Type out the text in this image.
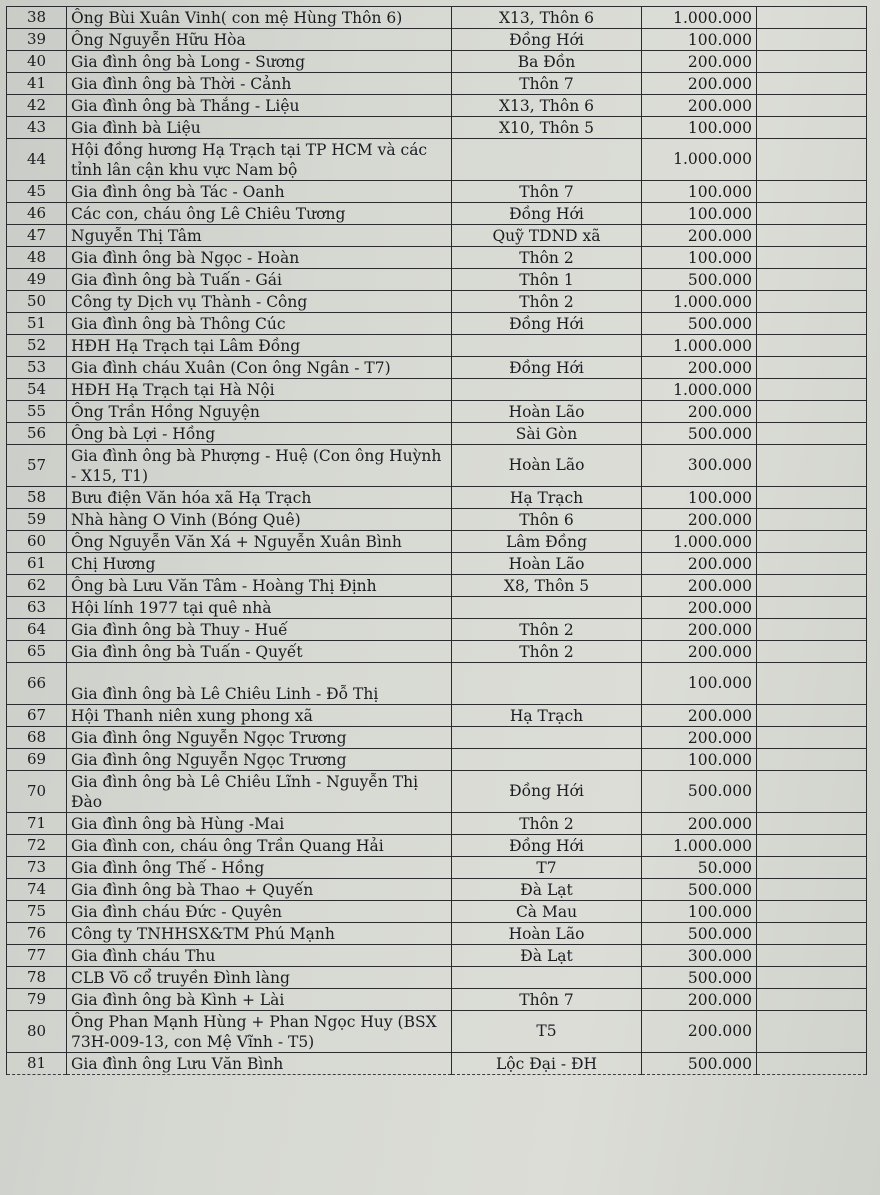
38	Ông Bùi Xuân Vinh( con mệ Hùng Thôn 6)	X13, Thôn 6	1.000.000	
39	Ông Nguyễn Hữu Hòa	Đồng Hới	100.000	
40	Gia đình ông bà Long - Sương	Ba Đồn	200.000	
41	Gia đình ông bà Thời - Cảnh	Thôn 7	200.000	
42	Gia đình ông bà Thắng - Liệu	X13, Thôn 6	200.000	
43	Gia đình bà Liệu	X10, Thôn 5	100.000	
44	Hội đồng hương Hạ Trạch tại TP HCM và các tỉnh lân cận khu vực Nam bộ		1.000.000	
45	Gia đình ông bà Tác - Oanh	Thôn 7	100.000	
46	Các con, cháu ông Lê Chiêu Tương	Đồng Hới	100.000	
47	Nguyễn Thị Tâm	Quỹ TDND xã	200.000	
48	Gia đình ông bà Ngọc - Hoàn	Thôn 2	100.000	
49	Gia đình ông bà Tuấn - Gái	Thôn 1	500.000	
50	Công ty Dịch vụ Thành - Công	Thôn 2	1.000.000	
51	Gia đình ông bà Thông Cúc	Đồng Hới	500.000	
52	HĐH Hạ Trạch tại Lâm Đồng		1.000.000	
53	Gia đình cháu Xuân (Con ông Ngân - T7)	Đồng Hới	200.000	
54	HĐH Hạ Trạch tại Hà Nội		1.000.000	
55	Ông Trần Hồng Nguyện	Hoàn Lão	200.000	
56	Ông bà Lợi - Hồng	Sài Gòn	500.000	
57	Gia đình ông bà Phượng - Huệ (Con ông Huỳnh - X15, T1)	Hoàn Lão	300.000	
58	Bưu điện Văn hóa xã Hạ Trạch	Hạ Trạch	100.000	
59	Nhà hàng O Vinh (Bóng Quê)	Thôn 6	200.000	
60	Ông Nguyễn Văn Xá + Nguyễn Xuân Bình	Lâm Đồng	1.000.000	
61	Chị Hương	Hoàn Lão	200.000	
62	Ông bà Lưu Văn Tâm - Hoàng Thị Định	X8, Thôn 5	200.000	
63	Hội lính 1977 tại quê nhà		200.000	
64	Gia đình ông bà Thuy - Huế	Thôn 2	200.000	
65	Gia đình ông bà Tuấn - Quyết	Thôn 2	200.000	
66	Gia đình ông bà Lê Chiêu Linh - Đỗ Thị		100.000	
67	Hội Thanh niên xung phong xã	Hạ Trạch	200.000	
68	Gia đình ông Nguyễn Ngọc Trương		200.000	
69	Gia đình ông Nguyễn Ngọc Trương		100.000	
70	Gia đình ông bà Lê Chiêu Lĩnh - Nguyễn Thị Đào	Đồng Hới	500.000	
71	Gia đình ông bà Hùng -Mai	Thôn 2	200.000	
72	Gia đình con, cháu ông Trần Quang Hải	Đồng Hới	1.000.000	
73	Gia đình ông Thế - Hồng	T7	50.000	
74	Gia đình ông bà Thao + Quyến	Đà Lạt	500.000	
75	Gia đình cháu Đức - Quyên	Cà Mau	100.000	
76	Công ty TNHHSX&TM Phú Mạnh	Hoàn Lão	500.000	
77	Gia đình cháu Thu	Đà Lạt	300.000	
78	CLB Võ cổ truyền Đình làng		500.000	
79	Gia đình ông bà Kình + Lài	Thôn 7	200.000	
80	Ông Phan Mạnh Hùng + Phan Ngọc Huy (BSX 73H-009-13, con Mệ Vĩnh - T5)	T5	200.000	
81	Gia đình ông Lưu Văn Bình	Lộc Đại - ĐH	500.000	
